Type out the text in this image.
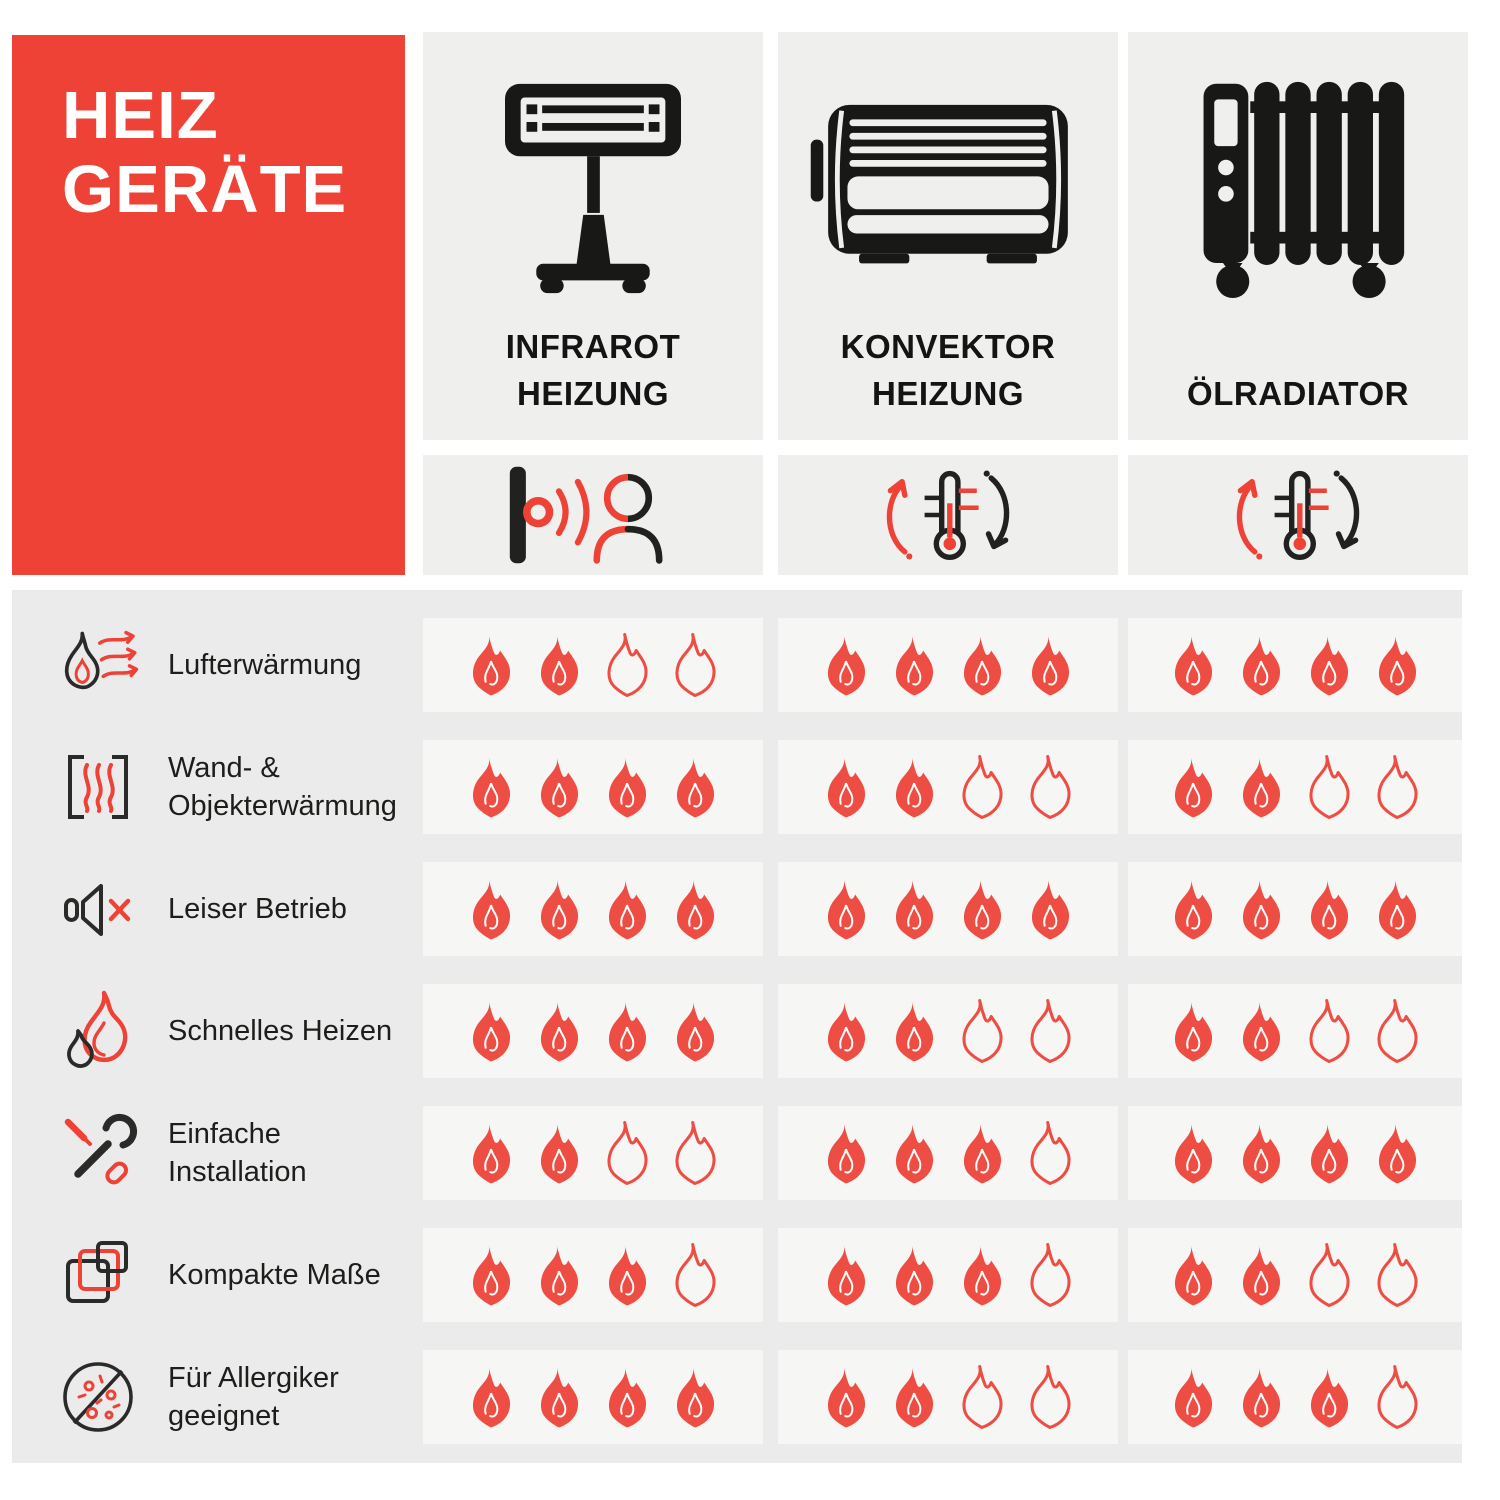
HEIZ
GERÄTE
INFRAROT
HEIZUNG
KONVEKTOR
HEIZUNG	ÖLRADIATOR
Lufterwärmung
Wand- &
Objekterwärmung
Leiser Betrieb
Schnelles Heizen
Einfache Installation
Kompakte Maße
Für Allergiker
geeignet
